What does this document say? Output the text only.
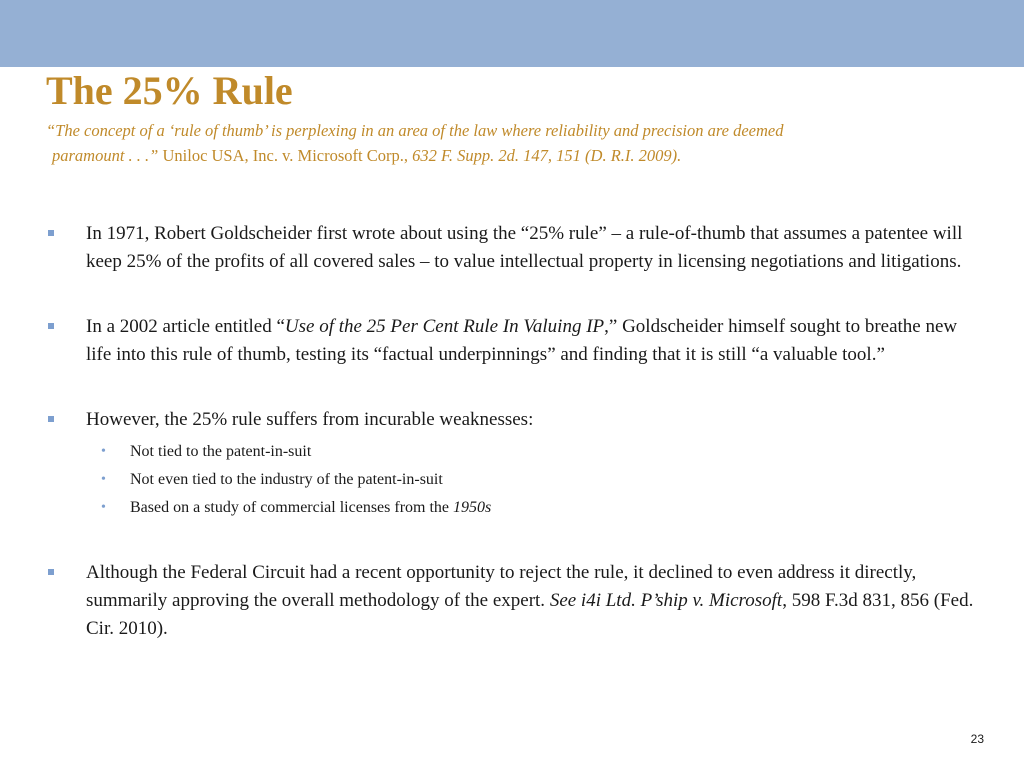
The 25% Rule
“The concept of a ‘rule of thumb’ is perplexing in an area of the law where reliability and precision are deemed
paramount . . .” Uniloc USA, Inc. v. Microsoft Corp., 632 F. Supp. 2d. 147, 151 (D. R.I. 2009).
In 1971, Robert Goldscheider first wrote about using the “25% rule” – a rule-of-thumb that assumes a patentee will keep 25% of the profits of all covered sales – to value intellectual property in licensing negotiations and litigations.
In a 2002 article entitled “Use of the 25 Per Cent Rule In Valuing IP,” Goldscheider himself sought to breathe new life into this rule of thumb, testing its “factual underpinnings” and finding that it is still “a valuable tool.”
However, the 25% rule suffers from incurable weaknesses:
• Not tied to the patent-in-suit
• Not even tied to the industry of the patent-in-suit
• Based on a study of commercial licenses from the 1950s
Although the Federal Circuit had a recent opportunity to reject the rule, it declined to even address it directly, summarily approving the overall methodology of the expert. See i4i Ltd. P’ship v. Microsoft, 598 F.3d 831, 856 (Fed. Cir. 2010).
23
